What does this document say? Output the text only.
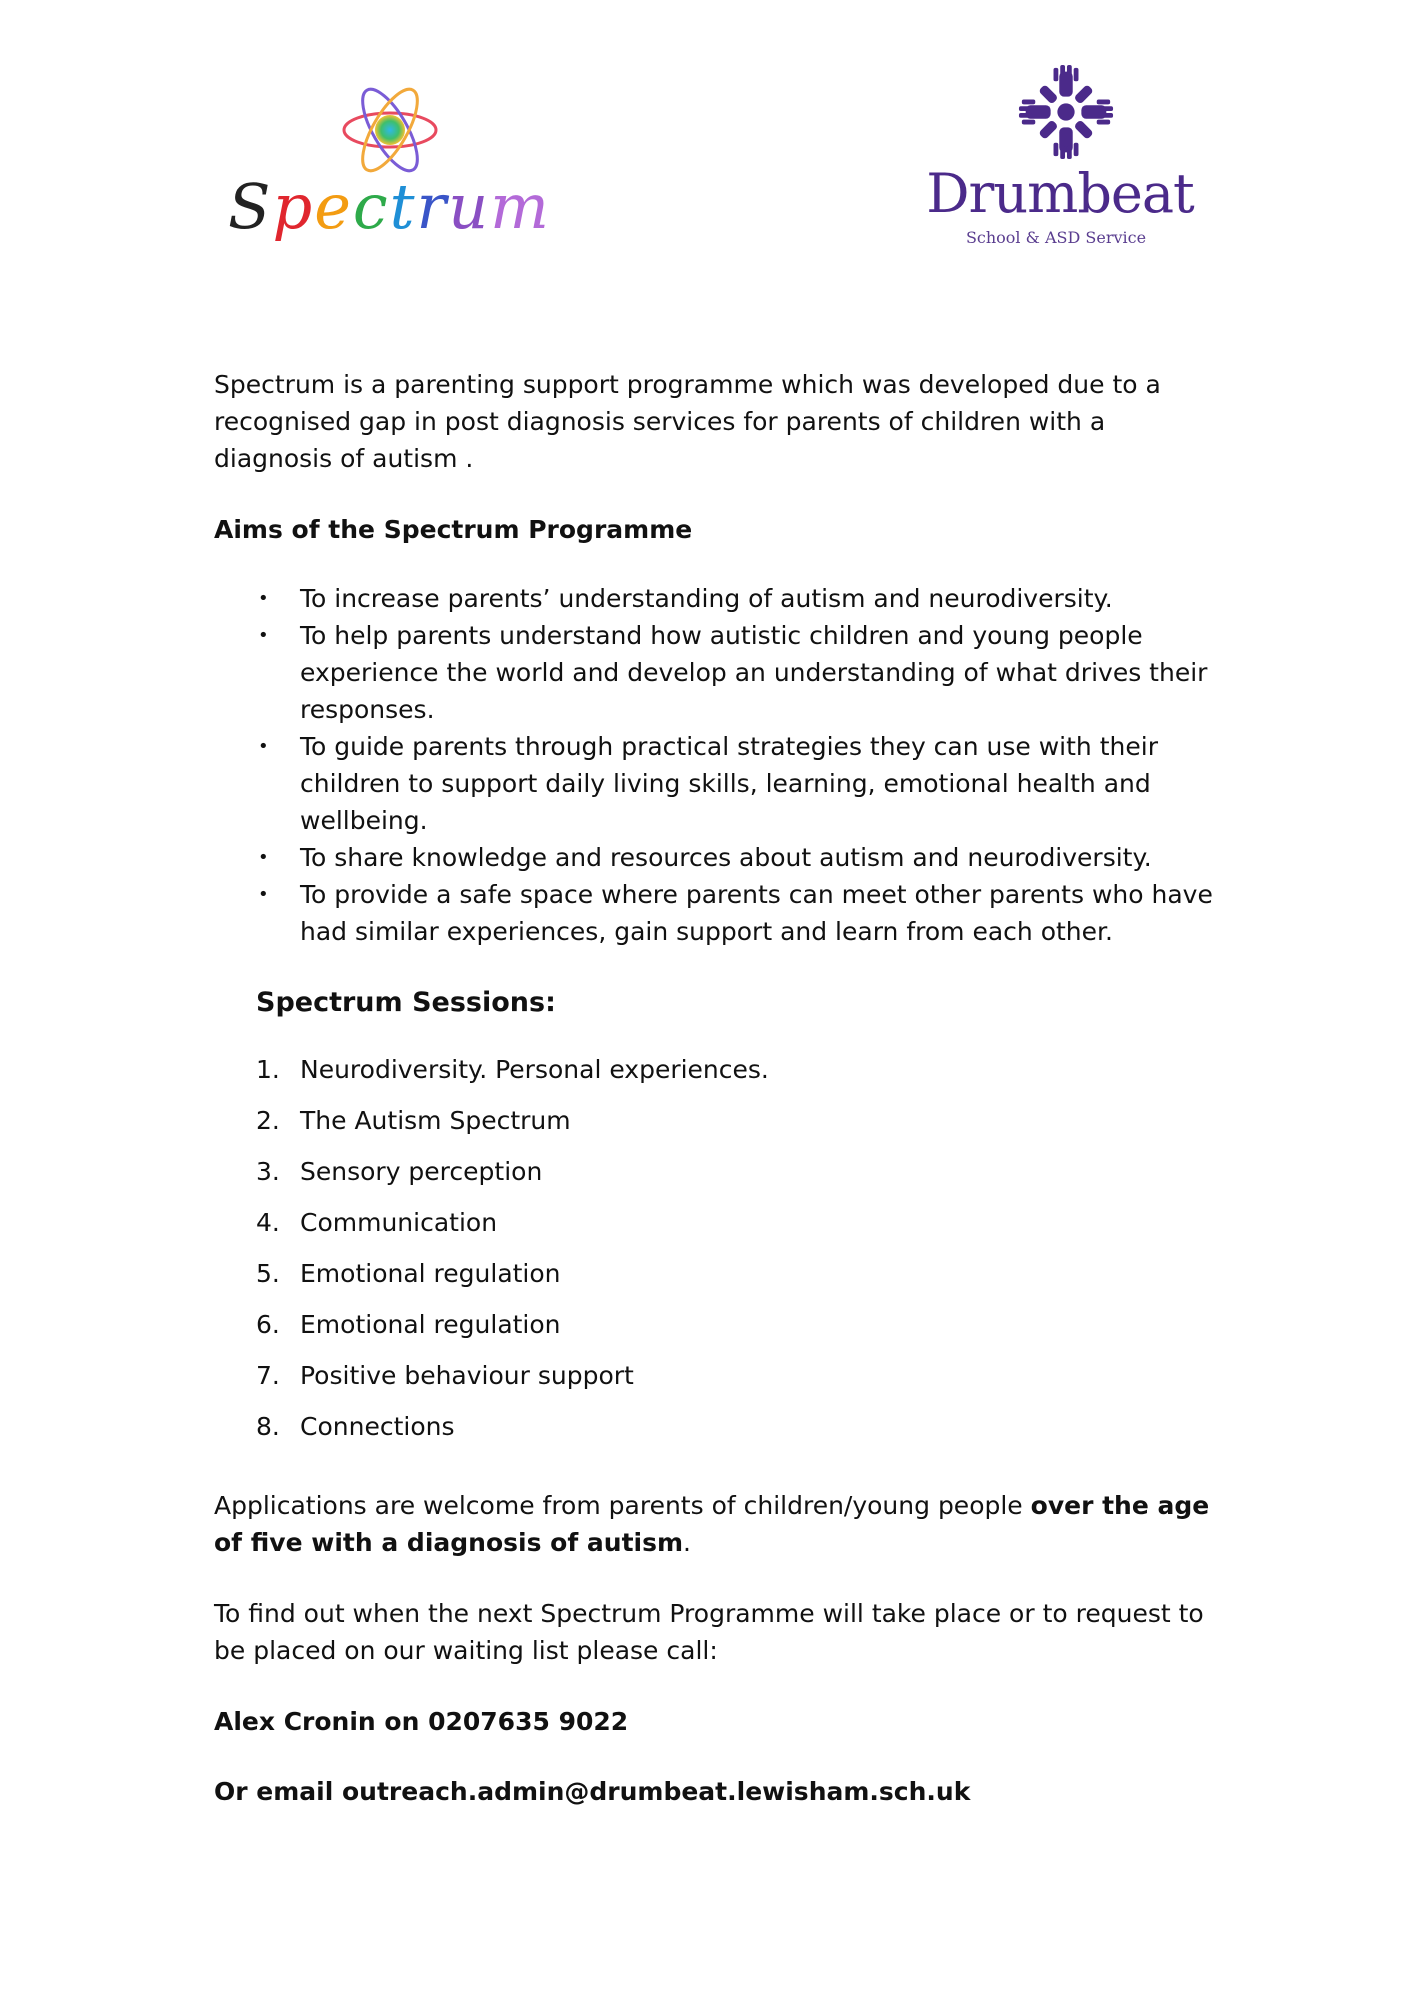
Spectrum	Drumbeat
School & ASD Service

Spectrum is a parenting support programme which was developed due to a recognised gap in post diagnosis services for parents of children with a diagnosis of autism .

Aims of the Spectrum Programme

• To increase parents’ understanding of autism and neurodiversity.
• To help parents understand how autistic children and young people experience the world and develop an understanding of what drives their responses.
• To guide parents through practical strategies they can use with their children to support daily living skills, learning, emotional health and wellbeing.
• To share knowledge and resources about autism and neurodiversity.
• To provide a safe space where parents can meet other parents who have had similar experiences, gain support and learn from each other.

Spectrum Sessions:

1. Neurodiversity. Personal experiences.
2. The Autism Spectrum
3. Sensory perception
4. Communication
5. Emotional regulation
6. Emotional regulation
7. Positive behaviour support
8. Connections

Applications are welcome from parents of children/young people over the age of five with a diagnosis of autism.

To find out when the next Spectrum Programme will take place or to request to be placed on our waiting list please call:

Alex Cronin on 0207635 9022

Or email outreach.admin@drumbeat.lewisham.sch.uk
